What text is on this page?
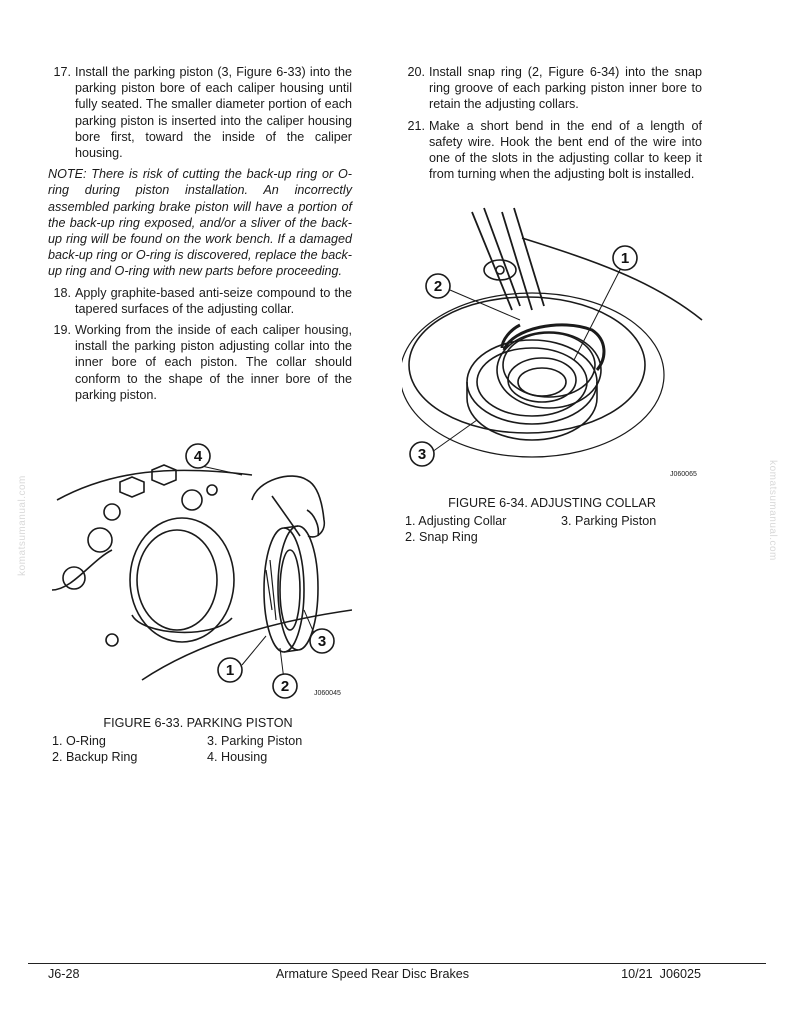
17. Install the parking piston (3, Figure 6-33) into the parking piston bore of each caliper housing until fully seated. The smaller diameter portion of each parking piston is inserted into the caliper housing bore first, toward the inside of the caliper housing.
NOTE: There is risk of cutting the back-up ring or O-ring during piston installation. An incorrectly assembled parking brake piston will have a portion of the back-up ring exposed, and/or a sliver of the back-up ring will be found on the work bench. If a damaged back-up ring or O-ring is discovered, replace the back-up ring and O-ring with new parts before proceeding.
18. Apply graphite-based anti-seize compound to the tapered surfaces of the adjusting collar.
19. Working from the inside of each caliper housing, install the parking piston adjusting collar into the inner bore of each piston. The collar should conform to the shape of the inner bore of the parking piston.
20. Install snap ring (2, Figure 6-34) into the snap ring groove of each parking piston inner bore to retain the adjusting collars.
21. Make a short bend in the end of a length of safety wire. Hook the bent end of the wire into one of the slots in the adjusting collar to keep it from turning when the adjusting bolt is installed.
2
1
3
J060065
FIGURE 6-34. ADJUSTING COLLAR
1. Adjusting Collar	3. Parking Piston
2. Snap Ring
4
1
2
3
J060045
FIGURE 6-33. PARKING PISTON
1. O-Ring	3. Parking Piston
2. Backup Ring	4. Housing
komatsumanual.com	komatsumanual.com
J6-28	Armature Speed Rear Disc Brakes	10/21  J06025
